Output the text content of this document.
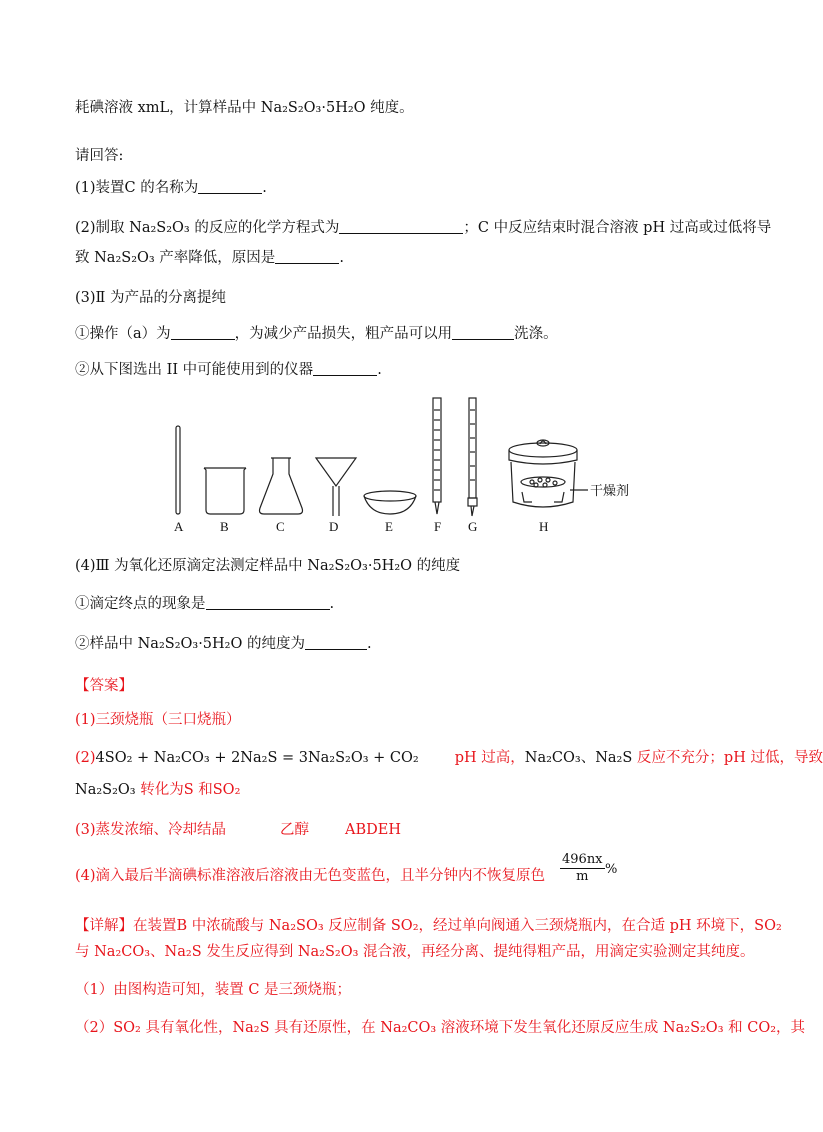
耗碘溶液 xmL，计算样品中 Na₂S₂O₃·5H₂O 纯度。
请回答:
(1)装置C 的名称为	.
(2)制取 Na₂S₂O₃ 的反应的化学方程式为	；C 中反应结束时混合溶液 pH 过高或过低将导
致 Na₂S₂O₃ 产率降低，原因是	.
(3)Ⅱ 为产品的分离提纯
①操作（a）为	，为减少产品损失，粗产品可以用	洗涤。
②从下图选出 II 中可能使用到的仪器	.
A	B	C	D	E	F G	H
干燥剂
(4)Ⅲ 为氧化还原滴定法测定样品中 Na₂S₂O₃·5H₂O 的纯度
①滴定终点的现象是	.
②样品中 Na₂S₂O₃·5H₂O 的纯度为	.
【答案】
(1)三颈烧瓶（三口烧瓶）
(2)4SO₂ + Na₂CO₃ + 2Na₂S = 3Na₂S₂O₃ + CO₂ pH 过高，Na₂CO₃、Na₂S 反应不充分；pH 过低，导致
Na₂S₂O₃ 转化为S 和SO₂
(3)蒸发浓缩、冷却结晶	乙醇 ABDEH
(4)滴入最后半滴碘标准溶液后溶液由无色变蓝色，且半分钟内不恢复原色 $\frac{496nx}{m}$ %
【详解】在装置B 中浓硫酸与 Na₂SO₃ 反应制备 SO₂，经过单向阀通入三颈烧瓶内，在合适 pH 环境下，SO₂
与 Na₂CO₃、Na₂S 发生反应得到 Na₂S₂O₃ 混合液，再经分离、提纯得粗产品，用滴定实验测定其纯度。
（1）由图构造可知，装置 C 是三颈烧瓶；
（2）SO₂ 具有氧化性，Na₂S 具有还原性，在 Na₂CO₃ 溶液环境下发生氧化还原反应生成 Na₂S₂O₃ 和 CO₂，其
